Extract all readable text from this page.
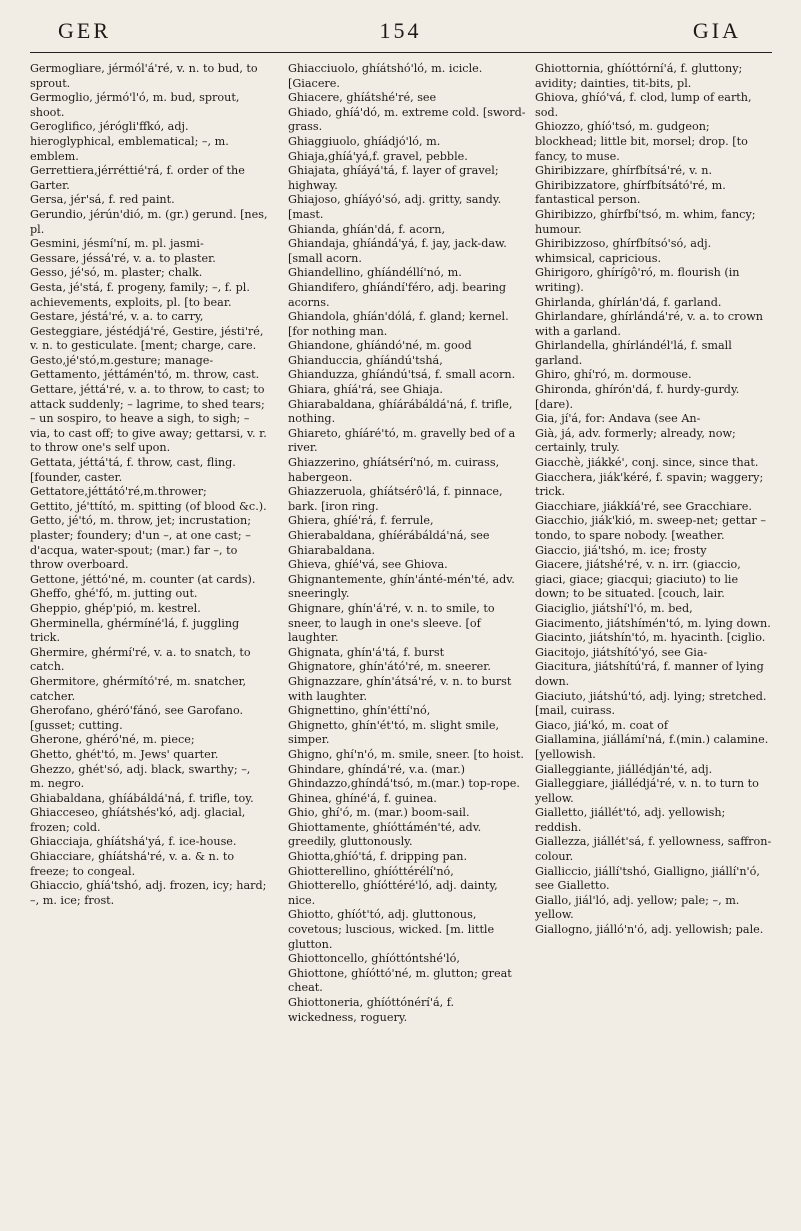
GER	154	GIA

Germogliare, jérmól'á'ré, v. n. to bud, to sprout.

Germoglio, jérmó'l'ó, m. bud, sprout, shoot.

Geroglifico, jérógli'ffkó, adj. hieroglyphical, emblematical; –, m. emblem.

Gerrettiera,jérréttié'rá, f. order of the Garter.

Gersa, jér'sá, f. red paint.

Gerundio, jérún'dió, m. (gr.) gerund. [nes, pl.

Gesmini, jésmí'ní, m. pl. jasmi-

Gessare, jéssá'ré, v. a. to plaster.

Gesso, jé'só, m. plaster; chalk.

Gesta, jé'stá, f. progeny, family; –, f. pl. achievements, exploits, pl. [to bear.

Gestare, jéstá'ré, v. a. to carry,

Gesteggiare, jéstédjá'ré, Gestire, jésti'ré, v. n. to gesticulate. [ment; charge, care.

Gesto,jé'stó,m.gesture; manage-

Gettamento, jéttámén'tó, m. throw, cast.

Gettare, jéttá'ré, v. a. to throw, to cast; to attack suddenly; – lagrime, to shed tears; – un sospiro, to heave a sigh, to sigh; – via, to cast off; to give away; gettarsi, v. r. to throw one's self upon.

Gettata, jéttá'tá, f. throw, cast, fling. [founder, caster.

Gettatore,jéttátó'ré,m.thrower;

Gettito, jé'ttító, m. spitting (of blood &c.).

Getto, jé'tó, m. throw, jet; incrustation; plaster; foundery; d'un –, at one cast; – d'acqua, water-spout; (mar.) far –, to throw overboard.

Gettone, jéttó'né, m. counter (at cards).

Gheffo, ghé'fó, m. jutting out.

Gheppio, ghép'pió, m. kestrel.

Gherminella, ghérmíné'lá, f. juggling trick.

Ghermire, ghérmí'ré, v. a. to snatch, to catch.

Ghermitore, ghérmító'ré, m. snatcher, catcher.

Gherofano, ghéró'fánó, see Garofano. [gusset; cutting.

Gherone, ghéró'né, m. piece;

Ghetto, ghét'tó, m. Jews' quarter.

Ghezzo, ghét'só, adj. black, swarthy; –, m. negro.

Ghiabaldana, ghíábáldá'ná, f. trifle, toy.

Ghiacceseo, ghíátshés'kó, adj. glacial, frozen; cold.

Ghiacciaja, ghíátshá'yá, f. ice-house.

Ghiacciare, ghíátshá'ré, v. a. & n. to freeze; to congeal.

Ghiaccio, ghíá'tshó, adj. frozen, icy; hard; –, m. ice; frost.

Ghiacciuolo, ghíátshó'ló, m. icicle. [Giacere.

Ghiacere, ghíátshé'ré, see

Ghiado, ghíá'dó, m. extreme cold. [sword-grass.

Ghiaggiuolo, ghíádjó'ló, m.

Ghiaja,ghíá'yá,f. gravel, pebble.

Ghiajata, ghíáyá'tá, f. layer of gravel; highway.

Ghiajoso, ghíáyó'só, adj. gritty, sandy. [mast.

Ghianda, ghíán'dá, f. acorn,

Ghiandaja, ghíándá'yá, f. jay, jack-daw. [small acorn.

Ghiandellino, ghíándéllí'nó, m.

Ghiandifero, ghíándí'féro, adj. bearing acorns.

Ghiandola, ghíán'dólá, f. gland; kernel. [for nothing man.

Ghiandone, ghíándó'né, m. good

Ghianduccia, ghíándú'tshá,

Ghianduzza, ghíándú'tsá, f. small acorn.

Ghiara, ghíá'rá, see Ghiaja.

Ghiarabaldana, ghíárábáldá'ná, f. trifle, nothing.

Ghiareto, ghíáré'tó, m. gravelly bed of a river.

Ghiazzerino, ghíátsérí'nó, m. cuirass, habergeon.

Ghiazzeruola, ghíátsérô'lá, f. pinnace, bark. [iron ring.

Ghiera, ghíé'rá, f. ferrule,

Ghierabaldana, ghíérábáldá'ná, see Ghiarabaldana.

Ghieva, ghíé'vá, see Ghiova.

Ghignantemente, ghín'ánté-mén'té, adv. sneeringly.

Ghignare, ghín'á'ré, v. n. to smile, to sneer, to laugh in one's sleeve. [of laughter.

Ghignata, ghín'á'tá, f. burst

Ghignatore, ghín'átó'ré, m. sneerer.

Ghignazzare, ghín'átsá'ré, v. n. to burst with laughter.

Ghignettino, ghín'éttí'nó,

Ghignetto, ghín'ét'tó, m. slight smile, simper.

Ghigno, ghí'n'ó, m. smile, sneer. [to hoist.

Ghindare, ghíndá'ré, v.a. (mar.)

Ghindazzo,ghíndá'tsó, m.(mar.) top-rope.

Ghinea, ghíné'á, f. guinea.

Ghio, ghí'ó, m. (mar.) boom-sail.

Ghiottamente, ghíóttámén'té, adv. greedily, gluttonously.

Ghiotta,ghíó'tá, f. dripping pan.

Ghiotterellino, ghíóttérélí'nó,

Ghiotterello, ghíóttéré'ló, adj. dainty, nice.

Ghiotto, ghíót'tó, adj. gluttonous, covetous; luscious, wicked. [m. little glutton.

Ghiottoncello, ghíóttóntshé'ló,

Ghiottone, ghíóttó'né, m. glutton; great cheat.

Ghiottoneria, ghíóttónérí'á, f. wickedness, roguery.

Ghiottornia, ghíóttórní'á, f. gluttony; avidity; dainties, tit-bits, pl.

Ghiova, ghíó'vá, f. clod, lump of earth, sod.

Ghiozzo, ghíó'tsó, m. gudgeon; blockhead; little bit, morsel; drop. [to fancy, to muse.

Ghiribizzare, ghírfbítsá'ré, v. n.

Ghiribizzatore, ghírfbítsátó'ré, m. fantastical person.

Ghiribizzo, ghírfbí'tsó, m. whim, fancy; humour.

Ghiribizzoso, ghírfbítsó'só, adj. whimsical, capricious.

Ghirigoro, ghírígô'ró, m. flourish (in writing).

Ghirlanda, ghírlán'dá, f. garland.

Ghirlandare, ghírlándá'ré, v. a. to crown with a garland.

Ghirlandella, ghírlándél'lá, f. small garland.

Ghiro, ghí'ró, m. dormouse.

Ghironda, ghírón'dá, f. hurdy-gurdy. [dare).

Gia, jí'á, for: Andava (see An-

Già, já, adv. formerly; already, now; certainly, truly.

Giacchè, jiákké', conj. since, since that.

Giacchera, jiák'kéré, f. spavin; waggery; trick.

Giacchiare, jiákkíá'ré, see Gracchiare.

Giacchio, jiák'kió, m. sweep-net; gettar – tondo, to spare nobody. [weather.

Giaccio, jiá'tshó, m. ice; frosty

Giacere, jiátshé'ré, v. n. irr. (giaccio, giaci, giace; giacqui; giaciuto) to lie down; to be situated. [couch, lair.

Giaciglio, jiátshí'l'ó, m. bed,

Giacimento, jiátshímén'tó, m. lying down.

Giacinto, jiátshín'tó, m. hyacinth. [ciglio.

Giacitojo, jiátshító'yó, see Gia-

Giacitura, jiátshítú'rá, f. manner of lying down.

Giaciuto, jiátshú'tó, adj. lying; stretched. [mail, cuirass.

Giaco, jiá'kó, m. coat of

Giallamina, jiállámí'ná, f.(min.) calamine. [yellowish.

Gialleggiante, jiállédján'té, adj.

Gialleggiare, jiállédjá'ré, v. n. to turn to yellow.

Gialletto, jiállét'tó, adj. yellowish; reddish.

Giallezza, jiállét'sá, f. yellowness, saffron-colour.

Gialliccio, jiállí'tshó, Gialligno, jiállí'n'ó, see Gialletto.

Giallo, jiál'ló, adj. yellow; pale; –, m. yellow.

Giallogno, jiálló'n'ó, adj. yellowish; pale.
